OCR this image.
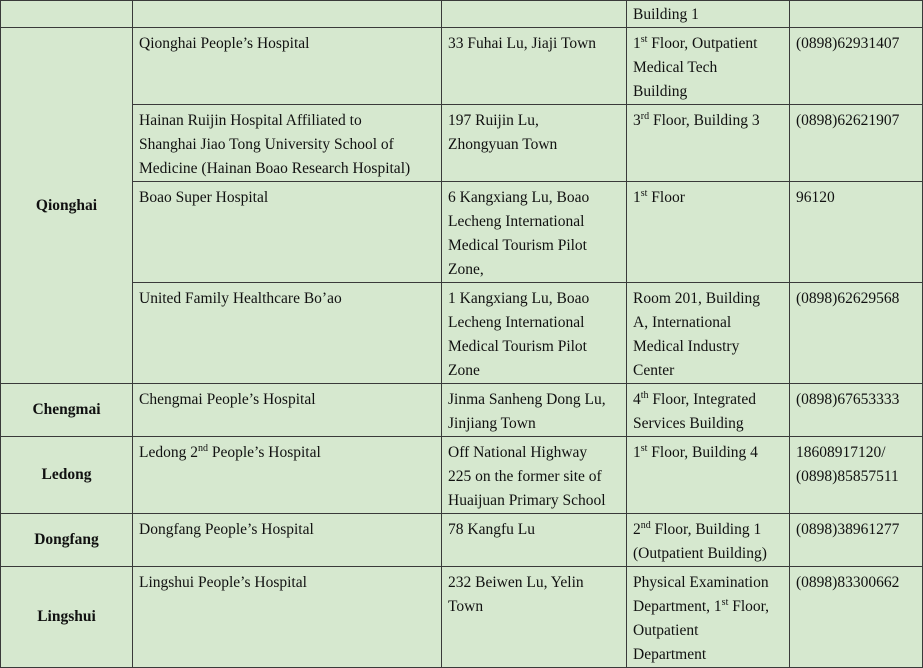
			Building 1	

Qionghai	Qionghai People’s Hospital	33 Fuhai Lu, Jiaji Town	1st Floor, Outpatient
Medical Tech
Building	(0898)62931407

	Hainan Ruijin Hospital Affiliated to
Shanghai Jiao Tong University School of
Medicine (Hainan Boao Research Hospital)	197 Ruijin Lu,
Zhongyuan Town	3rd Floor, Building 3	(0898)62621907

	Boao Super Hospital	6 Kangxiang Lu, Boao
Lecheng International
Medical Tourism Pilot
Zone,	1st Floor	96120

	United Family Healthcare Bo’ao	1 Kangxiang Lu, Boao
Lecheng International
Medical Tourism Pilot
Zone	Room 201, Building
A, International
Medical Industry
Center	(0898)62629568

Chengmai	Chengmai People’s Hospital	Jinma Sanheng Dong Lu,
Jinjiang Town	4th Floor, Integrated
Services Building	(0898)67653333

Ledong	Ledong 2nd People’s Hospital	Off National Highway
225 on the former site of
Huaijuan Primary School	1st Floor, Building 4	18608917120/
(0898)85857511

Dongfang	Dongfang People’s Hospital	78 Kangfu Lu	2nd Floor, Building 1
(Outpatient Building)	(0898)38961277

Lingshui	Lingshui People’s Hospital	232 Beiwen Lu, Yelin
Town	Physical Examination
Department, 1st Floor,
Outpatient
Department	(0898)83300662
